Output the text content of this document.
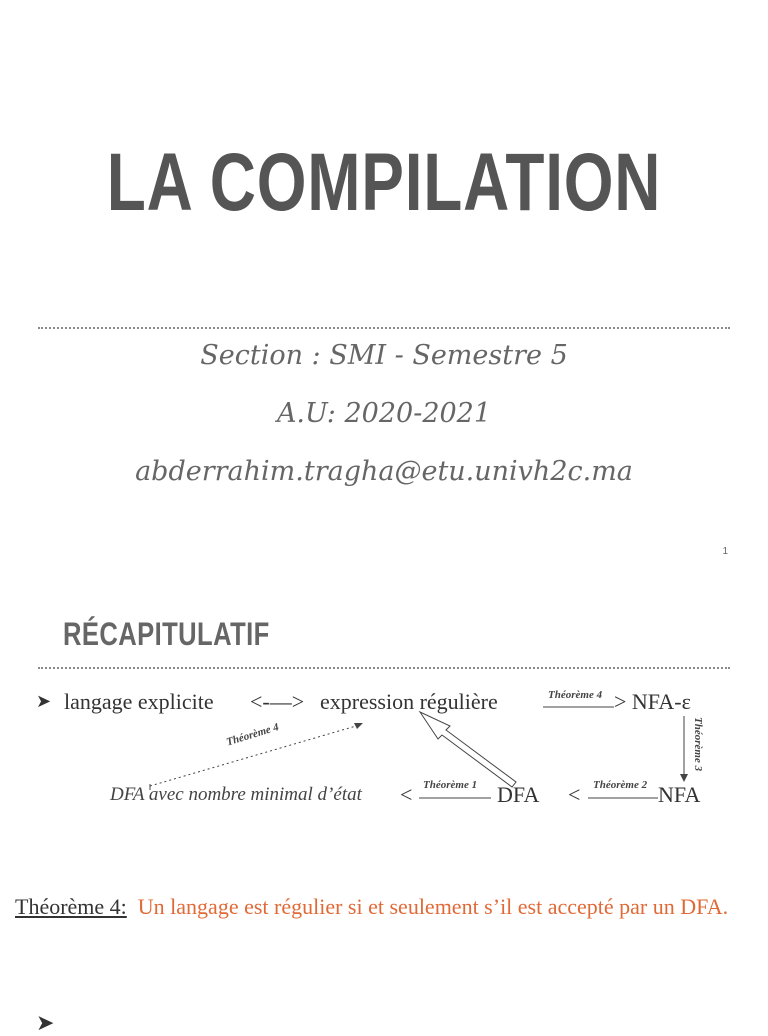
LA COMPILATION
Section : SMI - Semestre 5
A.U: 2020-2021
abderrahim.tragha@etu.univh2c.ma
1
RÉCAPITULATIF
➤ langage explicite <-—> expression régulière	> NFA-ε
Théorème 4
Théorème 4	Théorème 3
Théorème 1	Théorème 2
DFA avec nombre minimal d’état <	DFA <	NFA
Théorème 4: Un langage est régulier si et seulement s’il est accepté par un DFA.
➤
